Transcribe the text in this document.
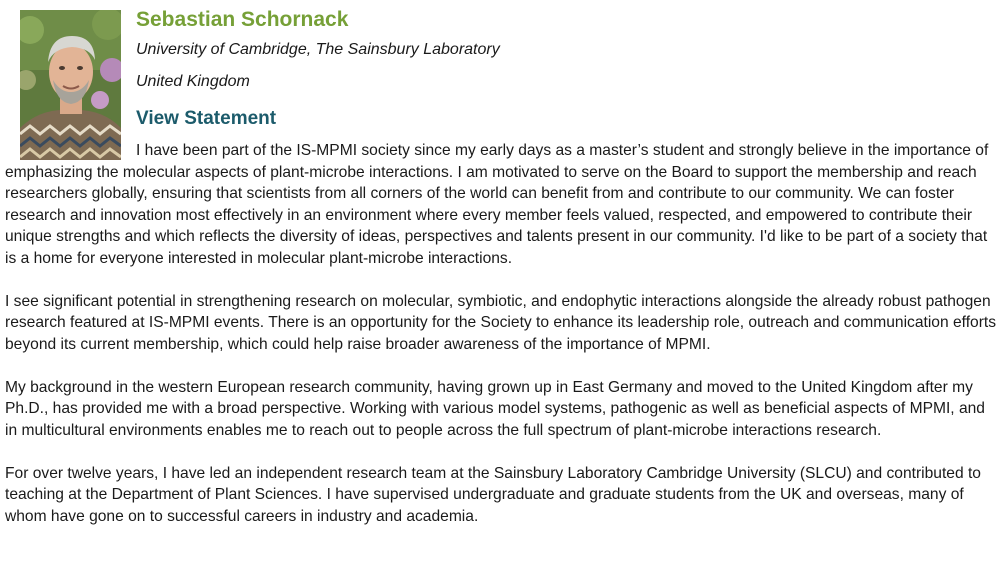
Sebastian Schornack

University of Cambridge, The Sainsbury Laboratory

United Kingdom

View Statement

I have been part of the IS-MPMI society since my early days as a master’s student and strongly believe in the importance of emphasizing the molecular aspects of plant-microbe interactions. I am motivated to serve on the Board to support the membership and reach researchers globally, ensuring that scientists from all corners of the world can benefit from and contribute to our community. We can foster research and innovation most effectively in an environment where every member feels valued, respected, and empowered to contribute their unique strengths and which reflects the diversity of ideas, perspectives and talents present in our community. I'd like to be part of a society that is a home for everyone interested in molecular plant-microbe interactions.

I see significant potential in strengthening research on molecular, symbiotic, and endophytic interactions alongside the already robust pathogen research featured at IS-MPMI events. There is an opportunity for the Society to enhance its leadership role, outreach and communication efforts beyond its current membership, which could help raise broader awareness of the importance of MPMI.

My background in the western European research community, having grown up in East Germany and moved to the United Kingdom after my Ph.D., has provided me with a broad perspective. Working with various model systems, pathogenic as well as beneficial aspects of MPMI, and in multicultural environments enables me to reach out to people across the full spectrum of plant-microbe interactions research.

For over twelve years, I have led an independent research team at the Sainsbury Laboratory Cambridge University (SLCU) and contributed to teaching at the Department of Plant Sciences. I have supervised undergraduate and graduate students from the UK and overseas, many of whom have gone on to successful careers in industry and academia.
